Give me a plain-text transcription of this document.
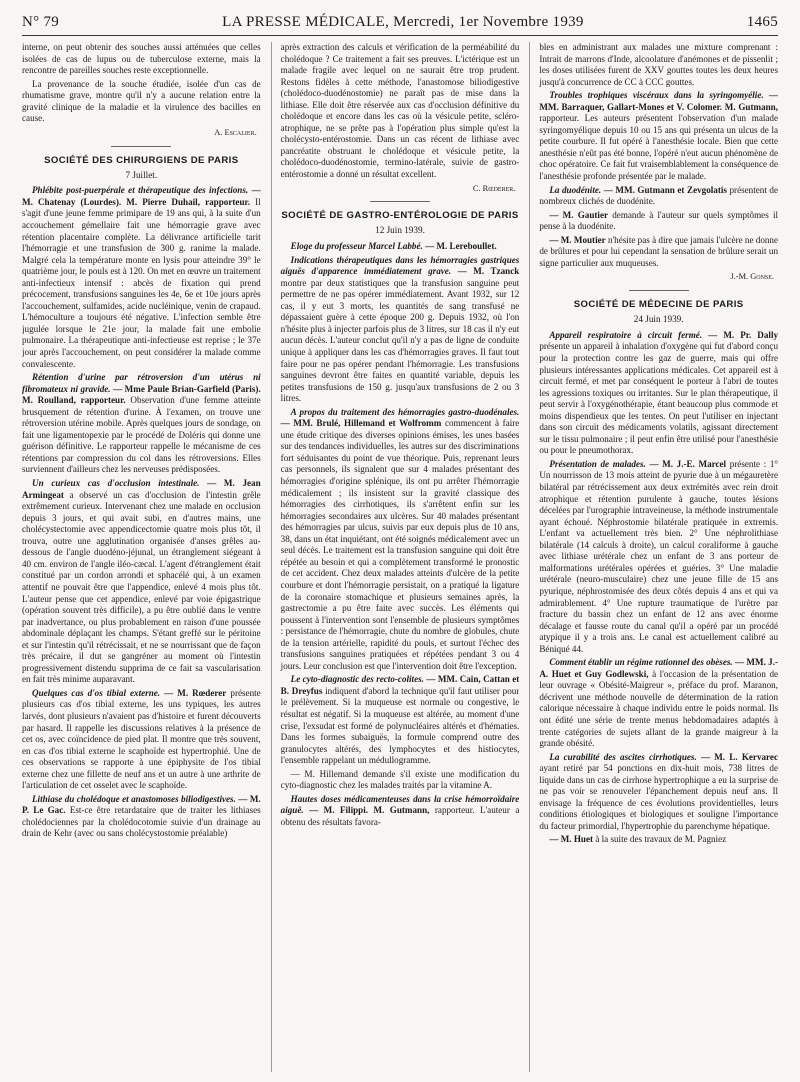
N° 79	LA PRESSE MÉDICALE, Mercredi, 1er Novembre 1939	1465

interne, on peut obtenir des souches aussi atténuées que celles isolées de cas de lupus ou de tuberculose externe, mais la rencontre de pareilles souches reste exceptionnelle.

La provenance de la souche étudiée, isolée d'un cas de rhumatisme grave, montre qu'il n'y a aucune relation entre la gravité clinique de la maladie et la virulence des bacilles en cause.

A. Escalier.
SOCIÉTÉ DES CHIRURGIENS DE PARIS
7 Juillet.

Phlébite post-puerpérale et thérapeutique des infections. — M. Chatenay (Lourdes). M. Pierre Duhail, rapporteur. Il s'agit d'une jeune femme primipare de 19 ans qui, à la suite d'un accouchement gémellaire fait une hémorragie grave avec rétention placentaire complète. La délivrance artificielle tarit l'hémorragie et une transfusion de 300 g. ranime la malade. Malgré cela la température monte en lysis pour atteindre 39° le quatrième jour, le pouls est à 120. On met en œuvre un traitement anti-infectieux intensif : abcès de fixation qui prend précocement, transfusions sanguines les 4e, 6e et 10e jours après l'accouchement, sulfamides, acide nucléinique, venin de crapaud. L'hémoculture a toujours été négative. L'infection semble être jugulée lorsque le 21e jour, la malade fait une embolie pulmonaire. La thérapeutique anti-infectieuse est reprise ; le 37e jour après l'accouchement, on peut considérer la malade comme convalescente.

Rétention d'urine par rétroversion d'un utérus ni fibromateux ni gravide. — Mme Paule Brian-Garfield (Paris). M. Roulland, rapporteur. Observation d'une femme atteinte brusquement de rétention d'urine. À l'examen, on trouve une rétroversion utérine mobile. Après quelques jours de sondage, on fait une ligamentopexie par le procédé de Doléris qui donne une guérison définitive. Le rapporteur rappelle le mécanisme de ces rétentions par compression du col dans les rétroversions. Elles surviennent d'ailleurs chez les nerveuses prédisposées.

Un curieux cas d'occlusion intestinale. — M. Jean Armingeat a observé un cas d'occlusion de l'intestin grêle extrêmement curieux. Intervenant chez une malade en occlusion depuis 3 jours, et qui avait subi, en d'autres mains, une cholécystectomie avec appendicectomie quatre mois plus tôt, il trouva, outre une agglutination organisée d'anses grêles au-dessous de l'angle duodéno-jéjunal, un étranglement siégeant à 40 cm. environ de l'angle iléo-cæcal. L'agent d'étranglement était constitué par un cordon arrondi et sphacélé qui, à un examen attentif ne pouvait être que l'appendice, enlevé 4 mois plus tôt. L'auteur pense que cet appendice, enlevé par voie épigastrique (opération souvent très difficile), a pu être oublié dans le ventre par inadvertance, ou plus probablement en raison d'une poussée abdominale déplaçant les champs. S'étant greffé sur le péritoine et sur l'intestin qu'il rétrécissait, et ne se nourrissant que de façon très précaire, il dut se gangréner au moment où l'intestin progressivement distendu supprima de ce fait sa vascularisation en fait très minime auparavant.

Quelques cas d'os tibial externe. — M. Rœderer présente plusieurs cas d'os tibial externe, les uns typiques, les autres larvés, dont plusieurs n'avaient pas d'histoire et furent découverts par hasard. Il rappelle les discussions relatives à la présence de cet os, avec coïncidence de pied plat. Il montre que très souvent, en cas d'os tibial externe le scaphoïde est hypertrophié. Une de ces observations se rapporte à une épiphysite de l'os tibial externe chez une fillette de neuf ans et un autre à une arthrite de l'articulation de cet osselet avec le scaphoïde.

Lithiase du cholédoque et anastomoses biliodigestives. — M. P. Le Gac. Est-ce être retardataire que de traiter les lithiases cholédociennes par la cholédocotomie suivie d'un drainage au drain de Kehr (avec ou sans cholécystostomie préalable)

après extraction des calculs et vérification de la perméabilité du cholédoque ? Ce traitement a fait ses preuves. L'ictérique est un malade fragile avec lequel on ne saurait être trop prudent. Restons fidèles à cette méthode, l'anastomose biliodigestive (cholédoco-duodénostomie) ne paraît pas de mise dans la lithiase. Elle doit être réservée aux cas d'occlusion définitive du cholédoque et encore dans les cas où la vésicule petite, scléro-atrophique, ne se prête pas à l'opération plus simple qu'est la cholécysto-entérostomie. Dans un cas récent de lithiase avec pancréatite obstruant le cholédoque et vésicule petite, la cholédoco-duodénostomie, termino-latérale, suivie de gastro-entérostomie a donné un résultat excellent.

C. Rœderer.
SOCIÉTÉ DE GASTRO-ENTÉROLOGIE DE PARIS
12 Juin 1939.

Eloge du professeur Marcel Labbé. — M. Lereboullet.

Indications thérapeutiques dans les hémorragies gastriques aiguës d'apparence immédiatement grave. — M. Tzanck montre par deux statistiques que la transfusion sanguine peut permettre de ne pas opérer immédiatement. Avant 1932, sur 12 cas, il y eut 3 morts, les quantités de sang transfusé ne dépassaient guère à cette époque 200 g. Depuis 1932, où l'on n'hésite plus à injecter parfois plus de 3 litres, sur 18 cas il n'y eut aucun décès. L'auteur conclut qu'il n'y a pas de ligne de conduite unique à appliquer dans les cas d'hémorragies graves. Il faut tout faire pour ne pas opérer pendant l'hémorragie. Les transfusions sanguines devront être faites en quantité variable, depuis les petites transfusions de 150 g. jusqu'aux transfusions de 2 ou 3 litres.

A propos du traitement des hémorragies gastro-duodénales. — MM. Brulé, Hillemand et Wolfromm commencent à faire une étude critique des diverses opinions émises, les unes basées sur des tendances individuelles, les autres sur des discriminations fort séduisantes du point de vue théorique. Puis, reprenant leurs cas personnels, ils signalent que sur 4 malades présentant des hémorragies d'origine splénique, ils ont pu arrêter l'hémorragie médicalement ; ils insistent sur la gravité classique des hémorragies des cirrhotiques, ils s'arrêtent enfin sur les hémorragies secondaires aux ulcères. Sur 40 malades présentant des hémorragies par ulcus, suivis par eux depuis plus de 10 ans, 38, dans un état inquiétant, ont été soignés médicalement avec un seul décès. Le traitement est la transfusion sanguine qui doit être répétée au besoin et qui a complètement transformé le pronostic de cet accident. Chez deux malades atteints d'ulcère de la petite courbure et dont l'hémorragie persistait, on a pratiqué la ligature de la coronaire stomachique et plusieurs semaines après, la gastrectomie a pu être faite avec succès. Les éléments qui poussent à l'intervention sont l'ensemble de plusieurs symptômes : persistance de l'hémorragie, chute du nombre de globules, chute de la tension artérielle, rapidité du pouls, et surtout l'échec des transfusions sanguines pratiquées et répétées pendant 3 ou 4 jours. Leur conclusion est que l'intervention doit être l'exception.

Le cyto-diagnostic des recto-colites. — MM. Cain, Cattan et B. Dreyfus indiquent d'abord la technique qu'il faut utiliser pour le prélèvement. Si la muqueuse est normale ou congestive, le résultat est négatif. Si la muqueuse est altérée, au moment d'une crise, l'exsudat est formé de polynucléaires altérés et d'hématies. Dans les formes subaiguës, la formule comprend outre des granulocytes altérés, des lymphocytes et des histiocytes, l'ensemble rappelant un médullogramme.

— M. Hillemand demande s'il existe une modification du cyto-diagnostic chez les malades traités par la vitamine A.

Hautes doses médicamenteuses dans la crise hémorroïdaire aiguë. — M. Filippi. M. Gutmann, rapporteur. L'auteur a obtenu des résultats favora-

bles en administrant aux malades une mixture comprenant : Intrait de marrons d'Inde, alcoolature d'anémones et de pissenlit ; les doses utilisées furent de XXV gouttes toutes les deux heures jusqu'à concurrence de CC à CCC gouttes.

Troubles trophiques viscéraux dans la syringomyélie. — MM. Barraquer, Gallart-Mones et V. Colomer. M. Gutmann, rapporteur. Les auteurs présentent l'observation d'un malade syringomyélique depuis 10 ou 15 ans qui présenta un ulcus de la petite courbure. Il fut opéré à l'anesthésie locale. Bien que cette anesthésie n'eût pas été bonne, l'opéré n'eut aucun phénomène de choc opératoire. Ce fait fut vraisemblablement la conséquence de l'anesthésie profonde présentée par le malade.

La duodénite. — MM. Gutmann et Zevgolatis présentent de nombreux clichés de duodénite.

— M. Gautier demande à l'auteur sur quels symptômes il pense à la duodénite.

— M. Moutier n'hésite pas à dire que jamais l'ulcère ne donne de brûlures et pour lui cependant la sensation de brûlure serait un signe particulier aux muqueuses.

J.-M. Gonse.
SOCIÉTÉ DE MÉDECINE DE PARIS
24 Juin 1939.

Appareil respiratoire à circuit fermé. — M. Pr. Dally présente un appareil à inhalation d'oxygène qui fut d'abord conçu pour la protection contre les gaz de guerre, mais qui offre plusieurs intéressantes applications médicales. Cet appareil est à circuit fermé, et met par conséquent le porteur à l'abri de toutes les agressions toxiques ou irritantes. Sur le plan thérapeutique, il peut servir à l'oxygénothérapie, étant beaucoup plus commode et moins dispendieux que les tentes. On peut l'utiliser en injectant dans son circuit des médicaments volatils, agissant directement sur le tissu pulmonaire ; il peut enfin être utilisé pour l'anesthésie ou pour le pneumothorax.

Présentation de malades. — M. J.-E. Marcel présente : 1° Un nourrisson de 13 mois atteint de pyurie due à un mégauretère bilatéral par rétrécissement aux deux extrémités avec rein droit atrophique et rétention purulente à gauche, toutes lésions décelées par l'urographie intraveineuse, la méthode instrumentale ayant échoué. Néphrostomie bilatérale pratiquée in extremis. L'enfant va actuellement très bien. 2° Une néphrolithiase bilatérale (14 calculs à droite), un calcul coraliforme à gauche avec lithiase urétérale chez un enfant de 3 ans porteur de malformations urétérales opérées et guéries. 3° Une maladie urétérale (neuro-musculaire) chez une jeune fille de 15 ans pyurique, néphrostomisée des deux côtés depuis 4 ans et qui va admirablement. 4° Une rupture traumatique de l'urètre par fracture du bassin chez un enfant de 12 ans avec énorme décalage et fausse route du canal qu'il a opéré par un procédé atypique il y a trois ans. Le canal est actuellement calibré au Béniqué 44.

Comment établir un régime rationnel des obèses. — MM. J.-A. Huet et Guy Godlewski, à l'occasion de la présentation de leur ouvrage « Obésité-Maigreur », préface du prof. Maranon, décrivent une méthode nouvelle de détermination de la ration calorique nécessaire à chaque individu entre le poids normal. Ils ont édité une série de trente menus hebdomadaires adaptés à trente catégories de sujets allant de la grande maigreur à la grande obésité.

La curabilité des ascites cirrhotiques. — M. L. Kervarec ayant retiré par 54 ponctions en dix-huit mois, 738 litres de liquide dans un cas de cirrhose hypertrophique a eu la surprise de ne pas voir se renouveler l'épanchement depuis neuf ans. Il envisage la fréquence de ces évolutions providentielles, leurs conditions étiologiques et biologiques et souligne l'importance du facteur primordial, l'hypertrophie du parenchyme hépatique.

— M. Huet à la suite des travaux de M. Pagniez
